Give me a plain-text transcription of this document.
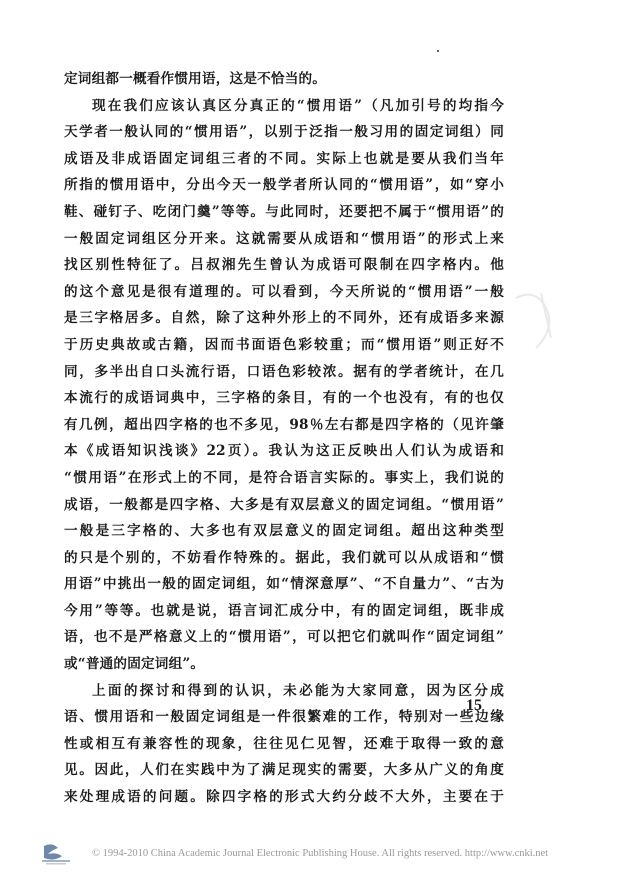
定词组都一概看作惯用语，这是不恰当的。
现在我们应该认真区分真正的“惯用语”（凡加引号的均指今
天学者一般认同的“惯用语”，以别于泛指一般习用的固定词组）同
成语及非成语固定词组三者的不同。实际上也就是要从我们当年
所指的惯用语中，分出今天一般学者所认同的“惯用语”，如“穿小
鞋、碰钉子、吃闭门羹”等等。与此同时，还要把不属于“惯用语”的
一般固定词组区分开来。这就需要从成语和“惯用语”的形式上来
找区别性特征了。吕叔湘先生曾认为成语可限制在四字格内。他
的这个意见是很有道理的。可以看到，今天所说的“惯用语”一般
是三字格居多。自然，除了这种外形上的不同外，还有成语多来源
于历史典故或古籍，因而书面语色彩较重；而“惯用语”则正好不
同，多半出自口头流行语，口语色彩较浓。据有的学者统计，在几
本流行的成语词典中，三字格的条目，有的一个也没有，有的也仅
有几例，超出四字格的也不多见，98％左右都是四字格的（见许肇
本《成语知识浅谈》22页）。我认为这正反映出人们认为成语和
“惯用语”在形式上的不同，是符合语言实际的。事实上，我们说的
成语，一般都是四字格、大多是有双层意义的固定词组。“惯用语”
一般是三字格的、大多也有双层意义的固定词组。超出这种类型
的只是个别的，不妨看作特殊的。据此，我们就可以从成语和“惯
用语”中挑出一般的固定词组，如“情深意厚”、“不自量力”、“古为
今用”等等。也就是说，语言词汇成分中，有的固定词组，既非成
语，也不是严格意义上的“惯用语”，可以把它们就叫作“固定词组”
或“普通的固定词组”。
上面的探讨和得到的认识，未必能为大家同意，因为区分成
语、惯用语和一般固定词组是一件很繁难的工作，特别对一些边缘
性或相互有兼容性的现象，往往见仁见智，还难于取得一致的意
见。因此，人们在实践中为了满足现实的需要，大多从广义的角度
来处理成语的问题。除四字格的形式大约分歧不大外，主要在于
15
© 1994-2010 China Academic Journal Electronic Publishing House. All rights reserved. http://www.cnki.net
